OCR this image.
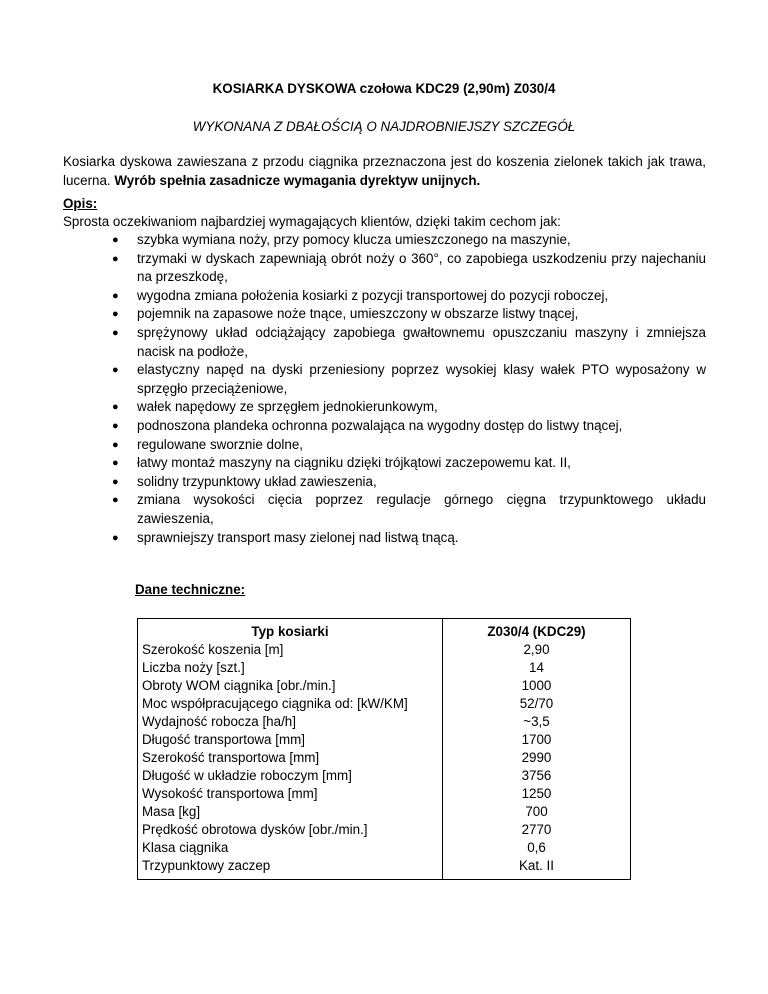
KOSIARKA DYSKOWA czołowa KDC29 (2,90m) Z030/4
WYKONANA Z DBAŁOŚCIĄ O NAJDROBNIEJSZY SZCZEGÓŁ
Kosiarka dyskowa zawieszana z przodu ciągnika przeznaczona jest do koszenia zielonek takich jak trawa, lucerna. Wyrób spełnia zasadnicze wymagania dyrektyw unijnych.
Opis:
Sprosta oczekiwaniom najbardziej wymagających klientów, dzięki takim cechom jak:
● szybka wymiana noży, przy pomocy klucza umieszczonego na maszynie,
● trzymaki w dyskach zapewniają obrót noży o 360°, co zapobiega uszkodzeniu przy najechaniu na przeszkodę,
● wygodna zmiana położenia kosiarki z pozycji transportowej do pozycji roboczej,
● pojemnik na zapasowe noże tnące, umieszczony w obszarze listwy tnącej,
● sprężynowy układ odciążający zapobiega gwałtownemu opuszczaniu maszyny i zmniejsza nacisk na podłoże,
● elastyczny napęd na dyski przeniesiony poprzez wysokiej klasy wałek PTO wyposażony w sprzęgło przeciążeniowe,
● wałek napędowy ze sprzęgłem jednokierunkowym,
● podnoszona plandeka ochronna pozwalająca na wygodny dostęp do listwy tnącej,
● regulowane sworznie dolne,
● łatwy montaż maszyny na ciągniku dzięki trójkątowi zaczepowemu kat. II,
● solidny trzypunktowy układ zawieszenia,
● zmiana wysokości cięcia poprzez regulacje górnego cięgna trzypunktowego układu zawieszenia,
● sprawniejszy transport masy zielonej nad listwą tnącą.
Dane techniczne:
Typ kosiarki	Z030/4 (KDC29)
Szerokość koszenia [m]	2,90
Liczba noży [szt.]	14
Obroty WOM ciągnika [obr./min.]	1000
Moc współpracującego ciągnika od: [kW/KM]	52/70
Wydajność robocza [ha/h]	~3,5
Długość transportowa [mm]	1700
Szerokość transportowa [mm]	2990
Długość w układzie roboczym [mm]	3756
Wysokość transportowa [mm]	1250
Masa [kg]	700
Prędkość obrotowa dysków [obr./min.]	2770
Klasa ciągnika	0,6
Trzypunktowy zaczep	Kat. II
